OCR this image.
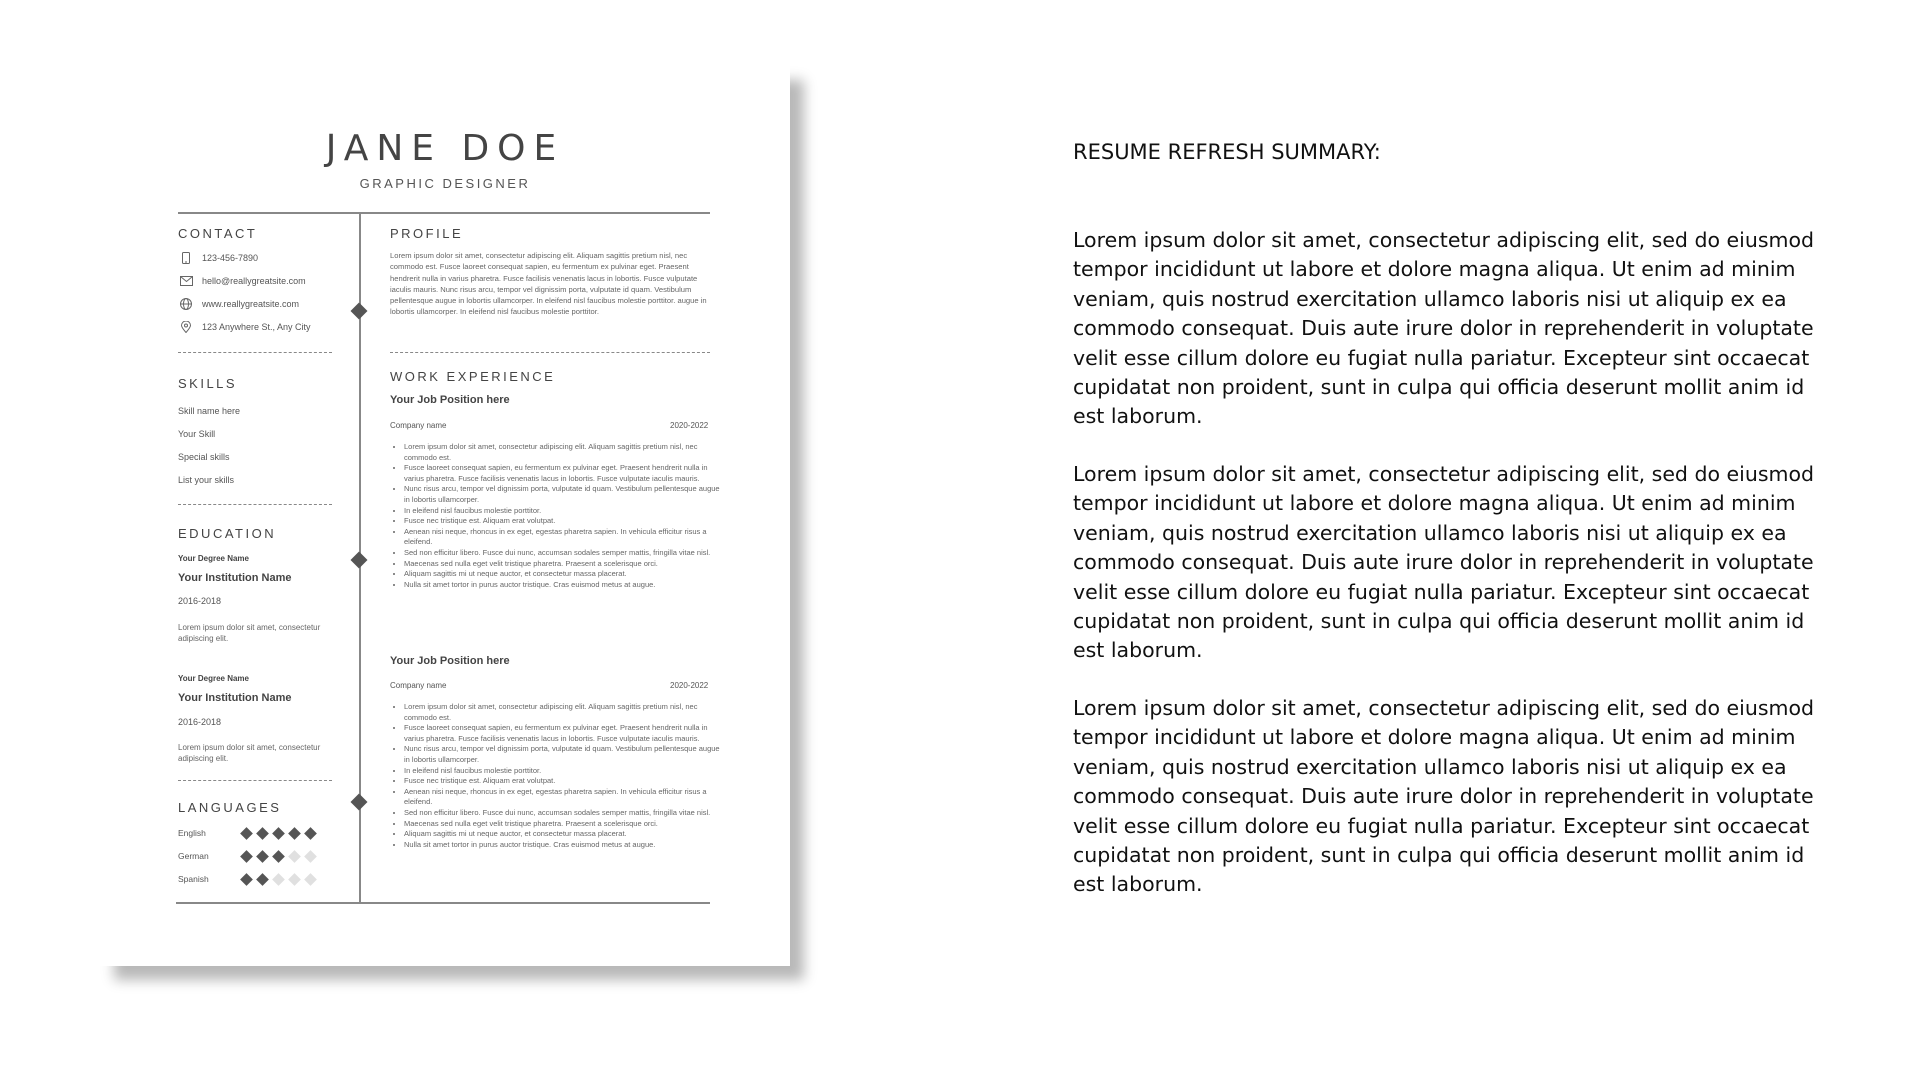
JANE DOE
GRAPHIC DESIGNER
CONTACT
123-456-7890
hello@reallygreatsite.com
www.reallygreatsite.com
123 Anywhere St., Any City
SKILLS
Skill name here
Your Skill
Special skills
List your skills
EDUCATION
Your Degree Name
Your Institution Name
2016-2018
Lorem ipsum dolor sit amet, consectetur adipiscing elit.
Your Degree Name
Your Institution Name
2016-2018
Lorem ipsum dolor sit amet, consectetur adipiscing elit.
LANGUAGES
English
German
Spanish
PROFILE
Lorem ipsum dolor sit amet, consectetur adipiscing elit. Aliquam sagittis pretium nisl, nec commodo est. Fusce laoreet consequat sapien, eu fermentum ex pulvinar eget. Praesent hendrerit nulla in varius pharetra. Fusce facilisis venenatis lacus in lobortis. Fusce vulputate iaculis mauris. Nunc risus arcu, tempor vel dignissim porta, vulputate id quam. Vestibulum pellentesque augue in lobortis ullamcorper. In eleifend nisl faucibus molestie porttitor. augue in lobortis ullamcorper. In eleifend nisl faucibus molestie porttitor.
WORK EXPERIENCE
Your Job Position here
Company name	2020-2022
• Lorem ipsum dolor sit amet, consectetur adipiscing elit. Aliquam sagittis pretium nisl, nec commodo est.
• Fusce laoreet consequat sapien, eu fermentum ex pulvinar eget. Praesent hendrerit nulla in varius pharetra. Fusce facilisis venenatis lacus in lobortis. Fusce vulputate iaculis mauris.
• Nunc risus arcu, tempor vel dignissim porta, vulputate id quam. Vestibulum pellentesque augue in lobortis ullamcorper.
• In eleifend nisl faucibus molestie porttitor.
• Fusce nec tristique est. Aliquam erat volutpat.
• Aenean nisi neque, rhoncus in ex eget, egestas pharetra sapien. In vehicula efficitur risus a eleifend.
• Sed non efficitur libero. Fusce dui nunc, accumsan sodales semper mattis, fringilla vitae nisl.
• Maecenas sed nulla eget velit tristique pharetra. Praesent a scelerisque orci.
• Aliquam sagittis mi ut neque auctor, et consectetur massa placerat.
• Nulla sit amet tortor in purus auctor tristique. Cras euismod metus at augue.
Your Job Position here
Company name	2020-2022
• Lorem ipsum dolor sit amet, consectetur adipiscing elit. Aliquam sagittis pretium nisl, nec commodo est.
• Fusce laoreet consequat sapien, eu fermentum ex pulvinar eget. Praesent hendrerit nulla in varius pharetra. Fusce facilisis venenatis lacus in lobortis. Fusce vulputate iaculis mauris.
• Nunc risus arcu, tempor vel dignissim porta, vulputate id quam. Vestibulum pellentesque augue in lobortis ullamcorper.
• In eleifend nisl faucibus molestie porttitor.
• Fusce nec tristique est. Aliquam erat volutpat.
• Aenean nisi neque, rhoncus in ex eget, egestas pharetra sapien. In vehicula efficitur risus a eleifend.
• Sed non efficitur libero. Fusce dui nunc, accumsan sodales semper mattis, fringilla vitae nisl.
• Maecenas sed nulla eget velit tristique pharetra. Praesent a scelerisque orci.
• Aliquam sagittis mi ut neque auctor, et consectetur massa placerat.
• Nulla sit amet tortor in purus auctor tristique. Cras euismod metus at augue.
RESUME REFRESH SUMMARY:
Lorem ipsum dolor sit amet, consectetur adipiscing elit, sed do eiusmod tempor incididunt ut labore et dolore magna aliqua. Ut enim ad minim veniam, quis nostrud exercitation ullamco laboris nisi ut aliquip ex ea commodo consequat. Duis aute irure dolor in reprehenderit in voluptate velit esse cillum dolore eu fugiat nulla pariatur. Excepteur sint occaecat cupidatat non proident, sunt in culpa qui officia deserunt mollit anim id est laborum.
Lorem ipsum dolor sit amet, consectetur adipiscing elit, sed do eiusmod tempor incididunt ut labore et dolore magna aliqua. Ut enim ad minim veniam, quis nostrud exercitation ullamco laboris nisi ut aliquip ex ea commodo consequat. Duis aute irure dolor in reprehenderit in voluptate velit esse cillum dolore eu fugiat nulla pariatur. Excepteur sint occaecat cupidatat non proident, sunt in culpa qui officia deserunt mollit anim id est laborum.
Lorem ipsum dolor sit amet, consectetur adipiscing elit, sed do eiusmod tempor incididunt ut labore et dolore magna aliqua. Ut enim ad minim veniam, quis nostrud exercitation ullamco laboris nisi ut aliquip ex ea commodo consequat. Duis aute irure dolor in reprehenderit in voluptate velit esse cillum dolore eu fugiat nulla pariatur. Excepteur sint occaecat cupidatat non proident, sunt in culpa qui officia deserunt mollit anim id est laborum.
